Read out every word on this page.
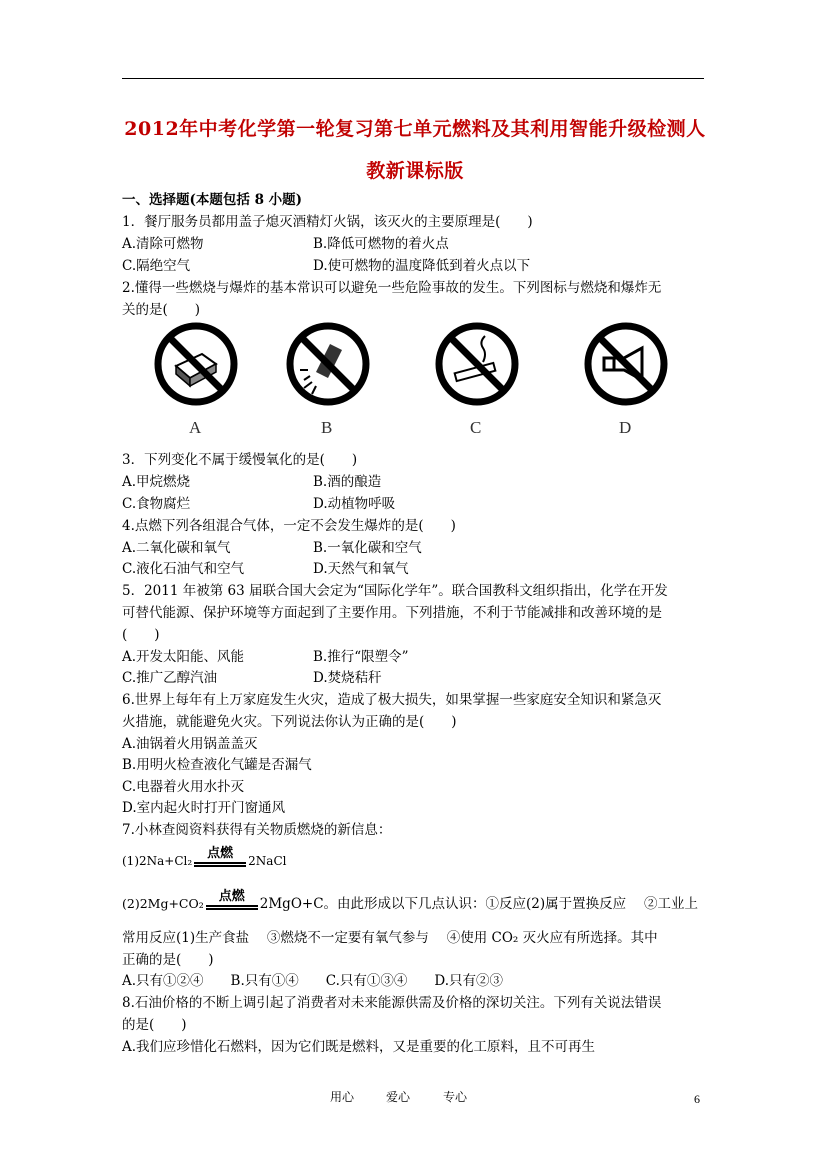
2012年中考化学第一轮复习第七单元燃料及其利用智能升级检测人
教新课标版
一、选择题(本题包括 8 小题)
1．餐厅服务员都用盖子熄灭酒精灯火锅，该灭火的主要原理是(　　)
A.清除可燃物	B.降低可燃物的着火点
C.隔绝空气	D.使可燃物的温度降低到着火点以下
2.懂得一些燃烧与爆炸的基本常识可以避免一些危险事故的发生。下列图标与燃烧和爆炸无
关的是(　　)
A	B	C	D
3．下列变化不属于缓慢氧化的是(　　)
A.甲烷燃烧	B.酒的酿造
C.食物腐烂	D.动植物呼吸
4.点燃下列各组混合气体，一定不会发生爆炸的是(　　)
A.二氧化碳和氧气	B.一氧化碳和空气
C.液化石油气和空气	D.天然气和氧气
5．2011 年被第 63 届联合国大会定为“国际化学年”。联合国教科文组织指出，化学在开发
可替代能源、保护环境等方面起到了主要作用。下列措施，不利于节能减排和改善环境的是
(　　)
A.开发太阳能、风能	B.推行“限塑令”
C.推广乙醇汽油	D.焚烧秸秆
6.世界上每年有上万家庭发生火灾，造成了极大损失，如果掌握一些家庭安全知识和紧急灭
火措施，就能避免火灾。下列说法你认为正确的是(　　)
A.油锅着火用锅盖盖灭
B.用明火检查液化气罐是否漏气
C.电器着火用水扑灭
D.室内起火时打开门窗通风
7.小林查阅资料获得有关物质燃烧的新信息：
(1)2Na+Cl₂ 点燃 2NaCl
(2)2Mg+CO₂ 点燃 2MgO+C。由此形成以下几点认识：①反应(2)属于置换反应　 ②工业上
常用反应(1)生产食盐　 ③燃烧不一定要有氧气参与　 ④使用 CO₂ 灭火应有所选择。其中
正确的是(　　)
A.只有①②④　　B.只有①④　　C.只有①③④　　D.只有②③
8.石油价格的不断上调引起了消费者对未来能源供需及价格的深切关注。下列有关说法错误
的是(　　)
A.我们应珍惜化石燃料，因为它们既是燃料，又是重要的化工原料，且不可再生
用心	爱心	专心	6
